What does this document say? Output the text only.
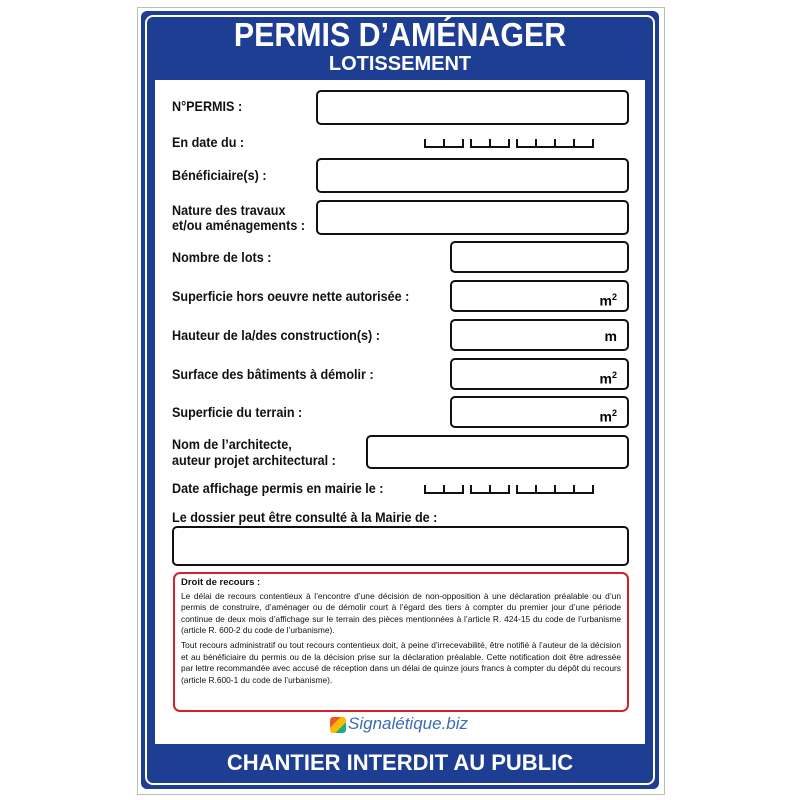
PERMIS D’AMÉNAGER
LOTISSEMENT
N°PERMIS :
En date du :
Bénéficiaire(s) :
Nature des travaux
et/ou aménagements :
Nombre de lots :
Superficie hors oeuvre nette autorisée :	$m^2$
Hauteur de la/des construction(s) :	m
Surface des bâtiments à démolir :	$m^2$
Superficie du terrain :	$m^2$
Nom de l’architecte,
auteur projet architectural :
Date affichage permis en mairie le :
Le dossier peut être consulté à la Mairie de :

Droit de recours :

Le délai de recours contentieux à l’encontre d’une décision de non-opposition à une déclaration préalable ou d’un permis de construire, d’aménager ou de démolir court à l’égard des tiers à compter du premier jour d’une période continue de deux mois d’affichage sur le terrain des pièces mentionnées à l’article R. 424-15 du code de l’urbanisme (article R. 600-2 du code de l’urbanisme).

Tout recours administratif ou tout recours contentieux doit, à peine d’irrecevabilité, être notifié à l’auteur de la décision et au bénéficiaire du permis ou de la décision prise sur la déclaration préalable. Cette notification doit être adressée par lettre recommandée avec accusé de réception dans un délai de quinze jours francs à compter du dépôt du recours (article R.600-1 du code de l’urbanisme).

Signalétique.biz
CHANTIER INTERDIT AU PUBLIC
